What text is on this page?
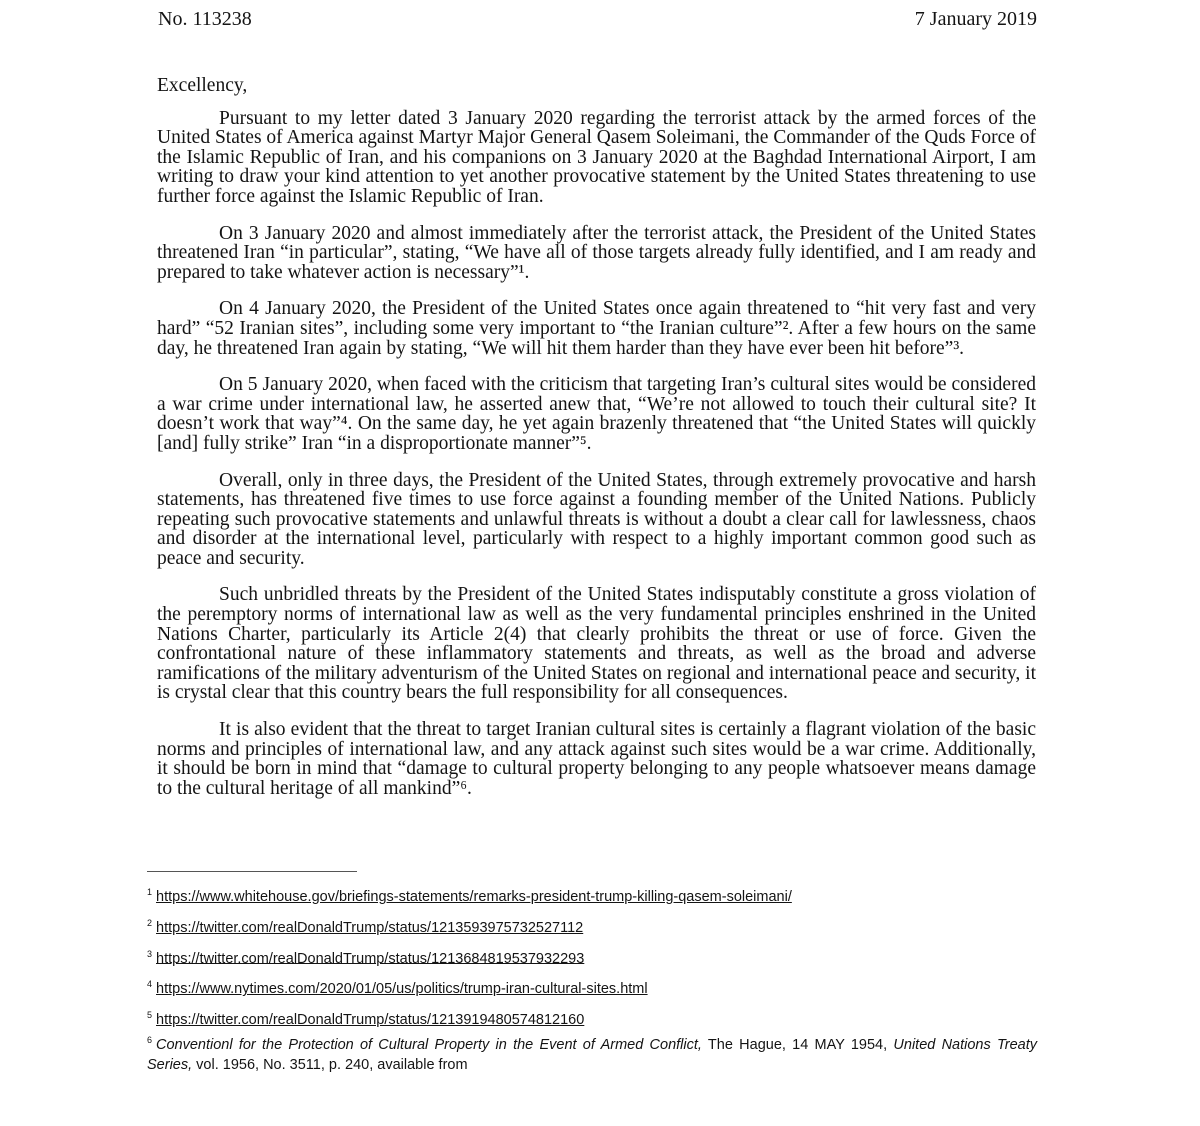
No. 113238	7 January 2019

Excellency,

Pursuant to my letter dated 3 January 2020 regarding the terrorist attack by the armed forces of the United States of America against Martyr Major General Qasem Soleimani, the Commander of the Quds Force of the Islamic Republic of Iran, and his companions on 3 January 2020 at the Baghdad International Airport, I am writing to draw your kind attention to yet another provocative statement by the United States threatening to use further force against the Islamic Republic of Iran.

On 3 January 2020 and almost immediately after the terrorist attack, the President of the United States threatened Iran “in particular”, stating, “We have all of those targets already fully identified, and I am ready and prepared to take whatever action is necessary”¹.

On 4 January 2020, the President of the United States once again threatened to “hit very fast and very hard” “52 Iranian sites”, including some very important to “the Iranian culture”². After a few hours on the same day, he threatened Iran again by stating, “We will hit them harder than they have ever been hit before”³.

On 5 January 2020, when faced with the criticism that targeting Iran’s cultural sites would be considered a war crime under international law, he asserted anew that, “We’re not allowed to touch their cultural site? It doesn’t work that way”⁴. On the same day, he yet again brazenly threatened that “the United States will quickly [and] fully strike” Iran “in a disproportionate manner”⁵.

Overall, only in three days, the President of the United States, through extremely provocative and harsh statements, has threatened five times to use force against a founding member of the United Nations. Publicly repeating such provocative statements and unlawful threats is without a doubt a clear call for lawlessness, chaos and disorder at the international level, particularly with respect to a highly important common good such as peace and security.

Such unbridled threats by the President of the United States indisputably constitute a gross violation of the peremptory norms of international law as well as the very fundamental principles enshrined in the United Nations Charter, particularly its Article 2(4) that clearly prohibits the threat or use of force. Given the confrontational nature of these inflammatory statements and threats, as well as the broad and adverse ramifications of the military adventurism of the United States on regional and international peace and security, it is crystal clear that this country bears the full responsibility for all consequences.

It is also evident that the threat to target Iranian cultural sites is certainly a flagrant violation of the basic norms and principles of international law, and any attack against such sites would be a war crime. Additionally, it should be born in mind that “damage to cultural property belonging to any people whatsoever means damage to the cultural heritage of all mankind”⁶.

$^1$ https://www.whitehouse.gov/briefings-statements/remarks-president-trump-killing-qasem-soleimani/
$^2$ https://twitter.com/realDonaldTrump/status/1213593975732527112
$^3$ https://twitter.com/realDonaldTrump/status/1213684819537932293
$^4$ https://www.nytimes.com/2020/01/05/us/politics/trump-iran-cultural-sites.html
$^5$ https://twitter.com/realDonaldTrump/status/1213919480574812160
$^6$ Conventionl for the Protection of Cultural Property in the Event of Armed Conflict, The Hague, 14 MAY 1954, United Nations Treaty Series, vol. 1956, No. 3511, p. 240, available from
